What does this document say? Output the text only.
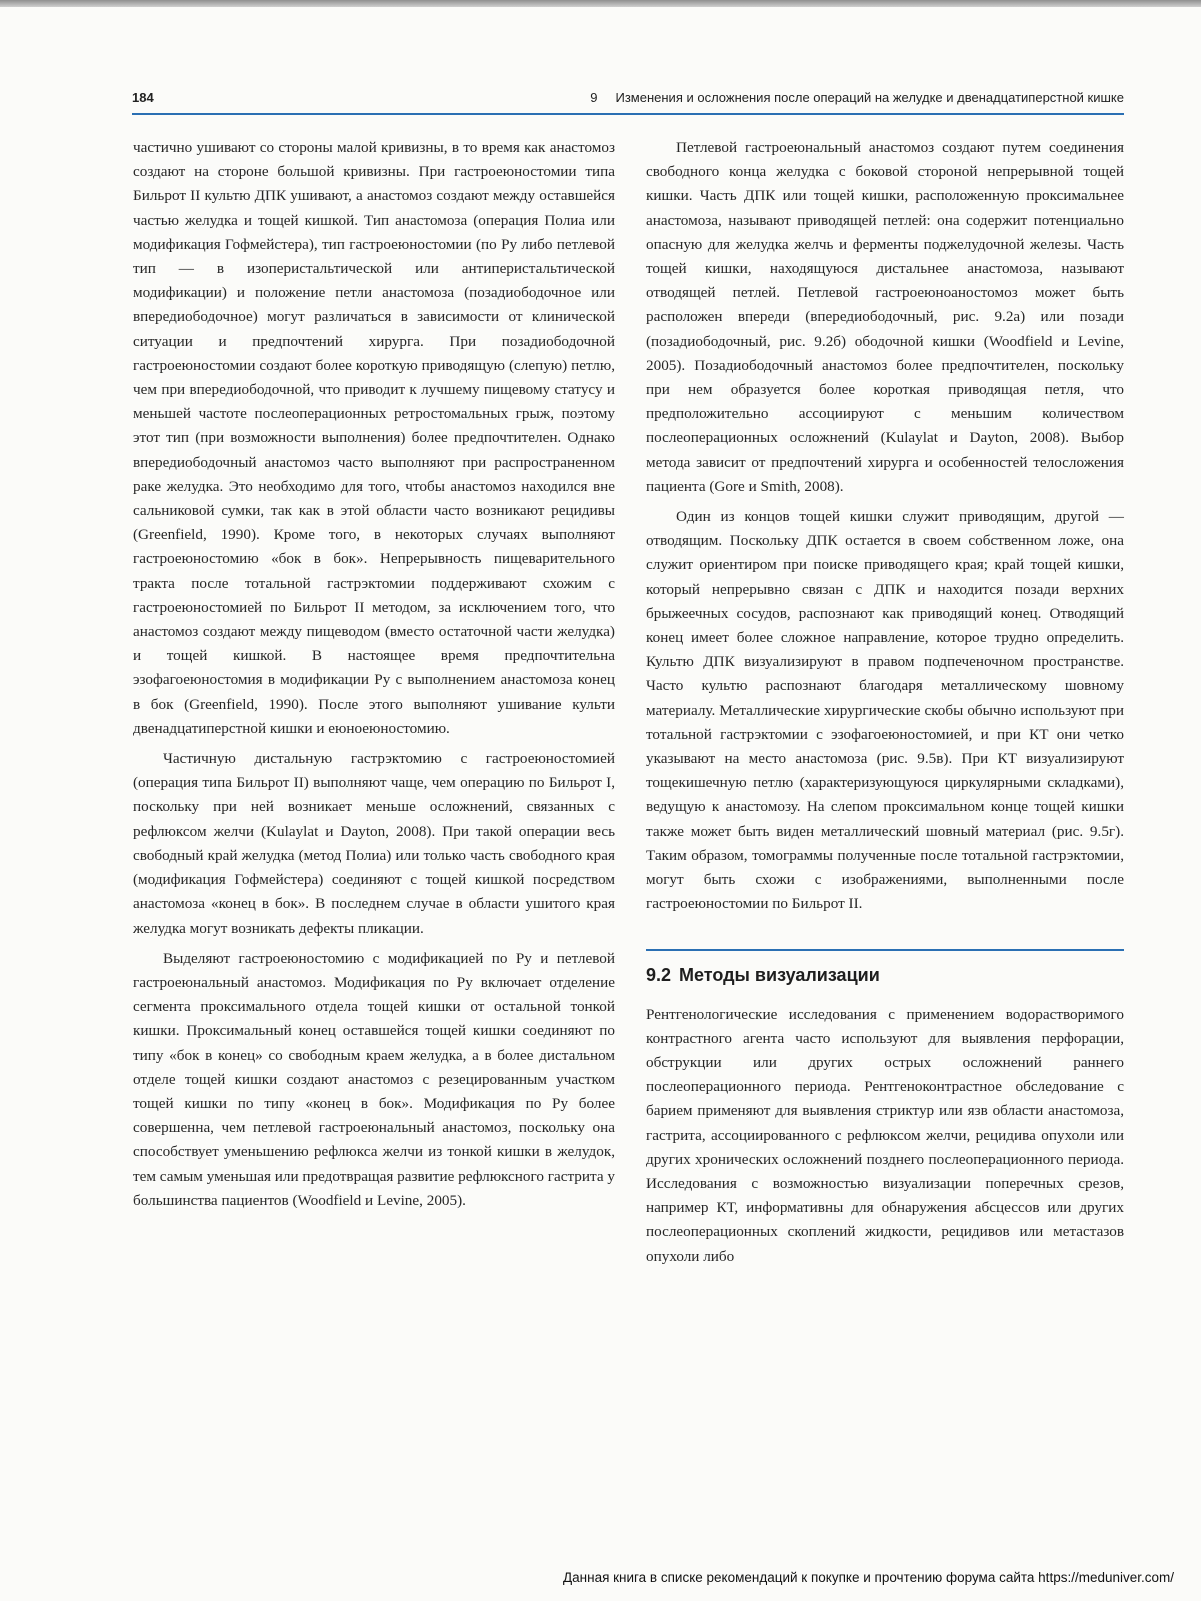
184	9 Изменения и осложнения после операций на желудке и двенадцатиперстной кишке

частично ушивают со стороны малой кривизны, в то время как анастомоз создают на стороне большой кривизны. При гастроеюностомии типа Бильрот II культю ДПК ушивают, а анастомоз создают между оставшейся частью желудка и тощей кишкой. Тип анастомоза (операция Полиа или модификация Гофмейстера), тип гастроеюностомии (по Ру либо петлевой тип — в изоперистальтической или антиперистальтической модификации) и положение петли анастомоза (позадиободочное или впередиободочное) могут различаться в зависимости от клинической ситуации и предпочтений хирурга. При позадиободочной гастроеюностомии создают более короткую приводящую (слепую) петлю, чем при впередиободочной, что приводит к лучшему пищевому статусу и меньшей частоте послеоперационных ретростомальных грыж, поэтому этот тип (при возможности выполнения) более предпочтителен. Однако впередиободочный анастомоз часто выполняют при распространенном раке желудка. Это необходимо для того, чтобы анастомоз находился вне сальниковой сумки, так как в этой области часто возникают рецидивы (Greenfield, 1990). Кроме того, в некоторых случаях выполняют гастроеюностомию «бок в бок». Непрерывность пищеварительного тракта после тотальной гастрэктомии поддерживают схожим с гастроеюностомией по Бильрот II методом, за исключением того, что анастомоз создают между пищеводом (вместо остаточной части желудка) и тощей кишкой. В настоящее время предпочтительна эзофагоеюностомия в модификации Ру с выполнением анастомоза конец в бок (Greenfield, 1990). После этого выполняют ушивание культи двенадцатиперстной кишки и еюноеюностомию.

Частичную дистальную гастрэктомию с гастроеюностомией (операция типа Бильрот II) выполняют чаще, чем операцию по Бильрот I, поскольку при ней возникает меньше осложнений, связанных с рефлюксом желчи (Kulaylat и Dayton, 2008). При такой операции весь свободный край желудка (метод Полиа) или только часть свободного края (модификация Гофмейстера) соединяют с тощей кишкой посредством анастомоза «конец в бок». В последнем случае в области ушитого края желудка могут возникать дефекты пликации.

Выделяют гастроеюностомию с модификацией по Ру и петлевой гастроеюнальный анастомоз. Модификация по Ру включает отделение сегмента проксимального отдела тощей кишки от остальной тонкой кишки. Проксимальный конец оставшейся тощей кишки соединяют по типу «бок в конец» со свободным краем желудка, а в более дистальном отделе тощей кишки создают анастомоз с резецированным участком тощей кишки по типу «конец в бок». Модификация по Ру более совершенна, чем петлевой гастроеюнальный анастомоз, поскольку она способствует уменьшению рефлюкса желчи из тонкой кишки в желудок, тем самым уменьшая или предотвращая развитие рефлюксного гастрита у большинства пациентов (Woodfield и Levine, 2005).

Петлевой гастроеюнальный анастомоз создают путем соединения свободного конца желудка с боковой стороной непрерывной тощей кишки. Часть ДПК или тощей кишки, расположенную проксимальнее анастомоза, называют приводящей петлей: она содержит потенциально опасную для желудка желчь и ферменты поджелудочной железы. Часть тощей кишки, находящуюся дистальнее анастомоза, называют отводящей петлей. Петлевой гастроеюноаностомоз может быть расположен впереди (впередиободочный, рис. 9.2а) или позади (позадиободочный, рис. 9.2б) ободочной кишки (Woodfield и Levine, 2005). Позадиободочный анастомоз более предпочтителен, поскольку при нем образуется более короткая приводящая петля, что предположительно ассоциируют с меньшим количеством послеоперационных осложнений (Kulaylat и Dayton, 2008). Выбор метода зависит от предпочтений хирурга и особенностей телосложения пациента (Gore и Smith, 2008).

Один из концов тощей кишки служит приводящим, другой — отводящим. Поскольку ДПК остается в своем собственном ложе, она служит ориентиром при поиске приводящего края; край тощей кишки, который непрерывно связан с ДПК и находится позади верхних брыжеечных сосудов, распознают как приводящий конец. Отводящий конец имеет более сложное направление, которое трудно определить. Культю ДПК визуализируют в правом подпеченочном пространстве. Часто культю распознают благодаря металлическому шовному материалу. Металлические хирургические скобы обычно используют при тотальной гастрэктомии с эзофагоеюностомией, и при КТ они четко указывают на место анастомоза (рис. 9.5в). При КТ визуализируют тощекишечную петлю (характеризующуюся циркулярными складками), ведущую к анастомозу. На слепом проксимальном конце тощей кишки также может быть виден металлический шовный материал (рис. 9.5г). Таким образом, томограммы полученные после тотальной гастрэктомии, могут быть схожи с изображениями, выполненными после гастроеюностомии по Бильрот II.

9.2 Методы визуализации

Рентгенологические исследования с применением водорастворимого контрастного агента часто используют для выявления перфорации, обструкции или других острых осложнений раннего послеоперационного периода. Рентгеноконтрастное обследование с барием применяют для выявления стриктур или язв области анастомоза, гастрита, ассоциированного с рефлюксом желчи, рецидива опухоли или других хронических осложнений позднего послеоперационного периода. Исследования с возможностью визуализации поперечных срезов, например КТ, информативны для обнаружения абсцессов или других послеоперационных скоплений жидкости, рецидивов или метастазов опухоли либо

Данная книга в списке рекомендаций к покупке и прочтению форума сайта https://meduniver.com/
